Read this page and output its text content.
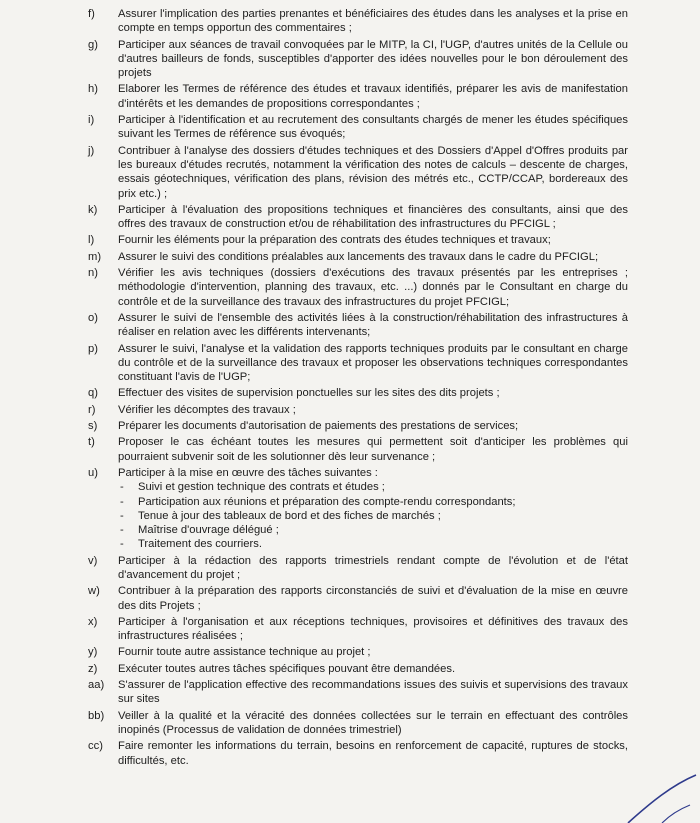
f)	Assurer l'implication des parties prenantes et bénéficiaires des études dans les analyses et la prise en compte en temps opportun des commentaires ;
g)	Participer aux séances de travail convoquées par le MITP, la CI, l'UGP, d'autres unités de la Cellule ou d'autres bailleurs de fonds, susceptibles d'apporter des idées nouvelles pour le bon déroulement des projets
h)	Elaborer les Termes de référence des études et travaux identifiés, préparer les avis de manifestation d'intérêts et les demandes de propositions correspondantes ;
i)	Participer à l'identification et au recrutement des consultants chargés de mener les études spécifiques suivant les Termes de référence sus évoqués;
j)	Contribuer à l'analyse des dossiers d'études techniques et des Dossiers d'Appel d'Offres produits par les bureaux d'études recrutés, notamment la vérification des notes de calculs – descente de charges, essais géotechniques, vérification des plans, révision des métrés etc., CCTP/CCAP, bordereaux des prix etc.) ;
k)	Participer à l'évaluation des propositions techniques et financières des consultants, ainsi que des offres des travaux de construction et/ou de réhabilitation des infrastructures du PFCIGL ;
l)	Fournir les éléments pour la préparation des contrats des études techniques et travaux;
m)	Assurer le suivi des conditions préalables aux lancements des travaux dans le cadre du PFCIGL;
n)	Vérifier les avis techniques (dossiers d'exécutions des travaux présentés par les entreprises ; méthodologie d'intervention, planning des travaux, etc. ...) donnés par le Consultant en charge du contrôle et de la surveillance des travaux des infrastructures du projet PFCIGL;
o)	Assurer le suivi de l'ensemble des activités liées à la construction/réhabilitation des infrastructures à réaliser en relation avec les différents intervenants;
p)	Assurer le suivi, l'analyse et la validation des rapports techniques produits par le consultant en charge du contrôle et de la surveillance des travaux et proposer les observations techniques correspondantes constituant l'avis de l'UGP;
q)	Effectuer des visites de supervision ponctuelles sur les sites des dits projets ;
r)	Vérifier les décomptes des travaux ;
s)	Préparer les documents d'autorisation de paiements des prestations de services;
t)	Proposer le cas échéant toutes les mesures qui permettent soit d'anticiper les problèmes qui pourraient subvenir soit de les solutionner dès leur survenance ;
u)	Participer à la mise en œuvre des tâches suivantes :
- Suivi et gestion technique des contrats et études ;
- Participation aux réunions et préparation des compte-rendu correspondants;
- Tenue à jour des tableaux de bord et des fiches de marchés ;
- Maîtrise d'ouvrage délégué ;
- Traitement des courriers.
v)	Participer à la rédaction des rapports trimestriels rendant compte de l'évolution et de l'état d'avancement du projet ;
w)	Contribuer à la préparation des rapports circonstanciés de suivi et d'évaluation de la mise en œuvre des dits Projets ;
x)	Participer à l'organisation et aux réceptions techniques, provisoires et définitives des travaux des infrastructures réalisées ;
y)	Fournir toute autre assistance technique au projet ;
z)	Exécuter toutes autres tâches spécifiques pouvant être demandées.
aa)	S'assurer de l'application effective des recommandations issues des suivis et supervisions des travaux sur sites
bb)	Veiller à la qualité et la véracité des données collectées sur le terrain en effectuant des contrôles inopinés (Processus de validation de données trimestriel)
cc)	Faire remonter les informations du terrain, besoins en renforcement de capacité, ruptures de stocks, difficultés, etc.
